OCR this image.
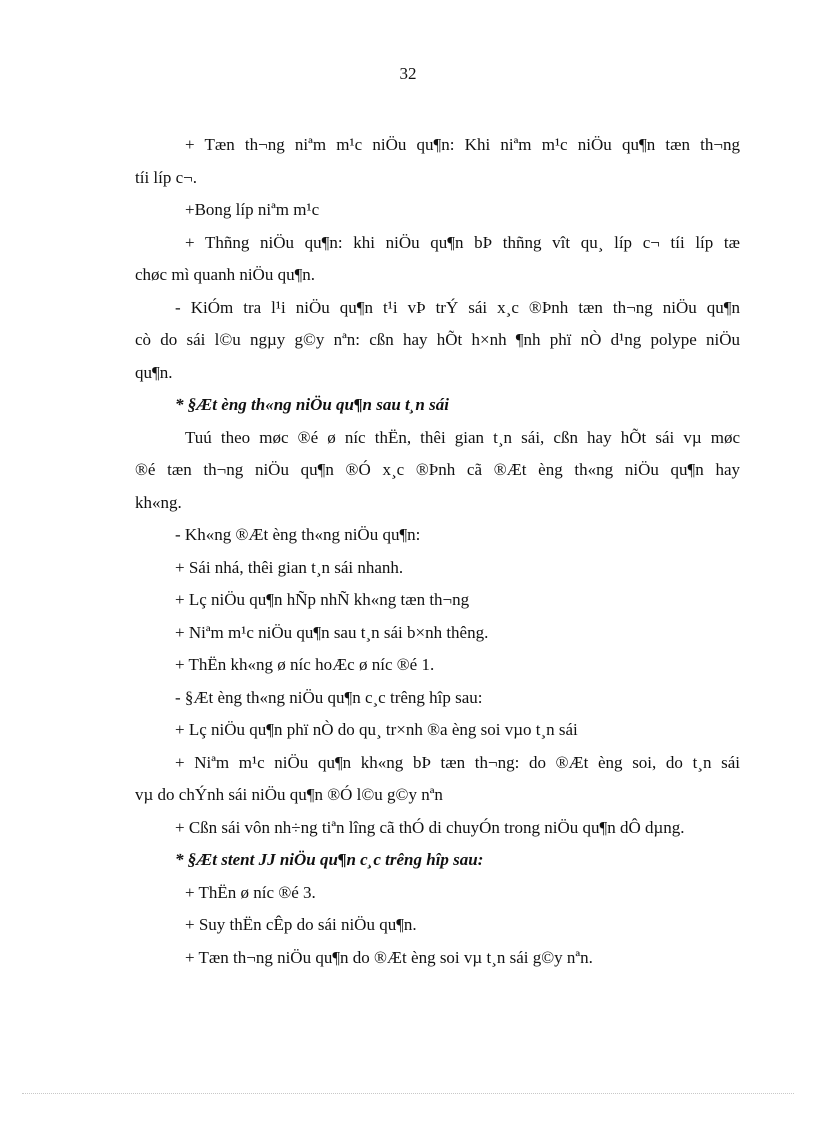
32
+ Tæn th¬ng niªm m¹c niÖu qu¶n: Khi niªm m¹c niÖu qu¶n tæn th¬ng
tíi líp c¬.
+Bong líp niªm m¹c
+ Thñng niÖu qu¶n: khi niÖu qu¶n bÞ thñng vît qu¸ líp c¬ tíi líp tæ
chøc mì quanh niÖu qu¶n.
- KiÓm tra l¹i niÖu qu¶n t¹i vÞ trÝ sái x¸c ®Þnh tæn th¬ng niÖu qu¶n
cò do sái l©u ngµy g©y nªn: cßn hay hÕt h×nh ¶nh phï nÒ d¹ng polype niÖu
qu¶n.
* §Æt èng th«ng niÖu qu¶n sau t¸n sái
Tuú theo møc ®é ø níc thËn, thêi gian t¸n sái, cßn hay hÕt sái vµ møc
®é tæn th¬ng niÖu qu¶n ®Ó x¸c ®Þnh cã ®Æt èng th«ng niÖu qu¶n hay
kh«ng.
- Kh«ng ®Æt èng th«ng niÖu qu¶n:
+ Sái nhá, thêi gian t¸n sái nhanh.
+ Lç niÖu qu¶n hÑp nhÑ kh«ng tæn th¬ng
+ Niªm m¹c niÖu qu¶n sau t¸n sái b×nh thêng.
+ ThËn kh«ng ø níc hoÆc ø níc ®é 1.
- §Æt èng th«ng niÖu qu¶n c¸c trêng hîp sau:
+ Lç niÖu qu¶n phï nÒ do qu¸ tr×nh ®a èng soi vµo t¸n sái
+ Niªm m¹c niÖu qu¶n kh«ng bÞ tæn th¬ng: do ®Æt èng soi, do t¸n sái
vµ do chÝnh sái niÖu qu¶n ®Ó l©u g©y nªn
+ Cßn sái vôn nh÷ng tiªn lîng cã thÓ di chuyÓn trong niÖu qu¶n dÔ dµng.
* §Æt stent JJ niÖu qu¶n c¸c trêng hîp sau:
+ ThËn ø níc ®é 3.
+ Suy thËn cÊp do sái niÖu qu¶n.
+ Tæn th¬ng niÖu qu¶n do ®Æt èng soi vµ t¸n sái g©y nªn.
